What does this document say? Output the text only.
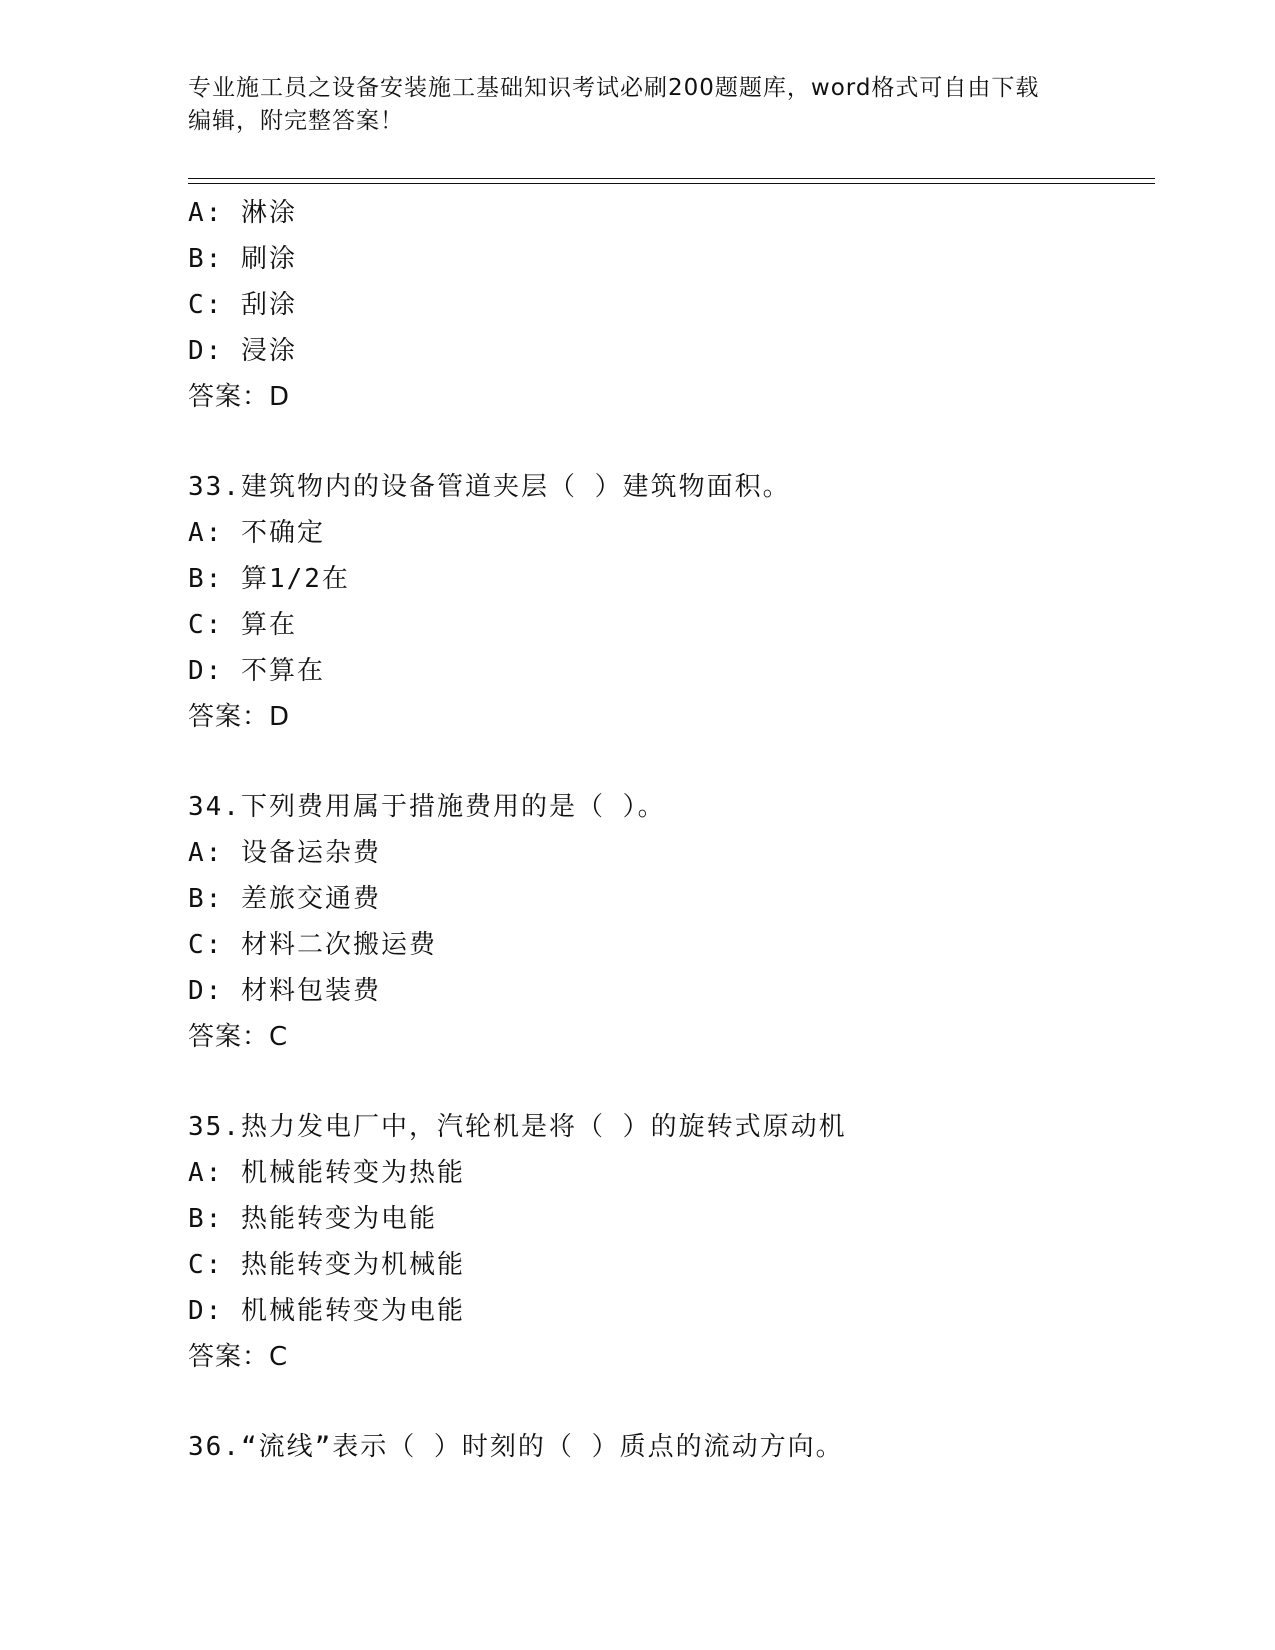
专业施工员之设备安装施工基础知识考试必刷200题题库，word格式可自由下载
编辑，附完整答案！
A: 淋涂
B: 刷涂
C: 刮涂
D: 浸涂
答案：D
33.建筑物内的设备管道夹层（ ）建筑物面积。
A: 不确定
B: 算1/2在
C: 算在
D: 不算在
答案：D
34.下列费用属于措施费用的是（ ）。
A: 设备运杂费
B: 差旅交通费
C: 材料二次搬运费
D: 材料包装费
答案：C
35.热力发电厂中，汽轮机是将（ ）的旋转式原动机
A: 机械能转变为热能
B: 热能转变为电能
C: 热能转变为机械能
D: 机械能转变为电能
答案：C
36.“流线”表示（ ）时刻的（ ）质点的流动方向。
